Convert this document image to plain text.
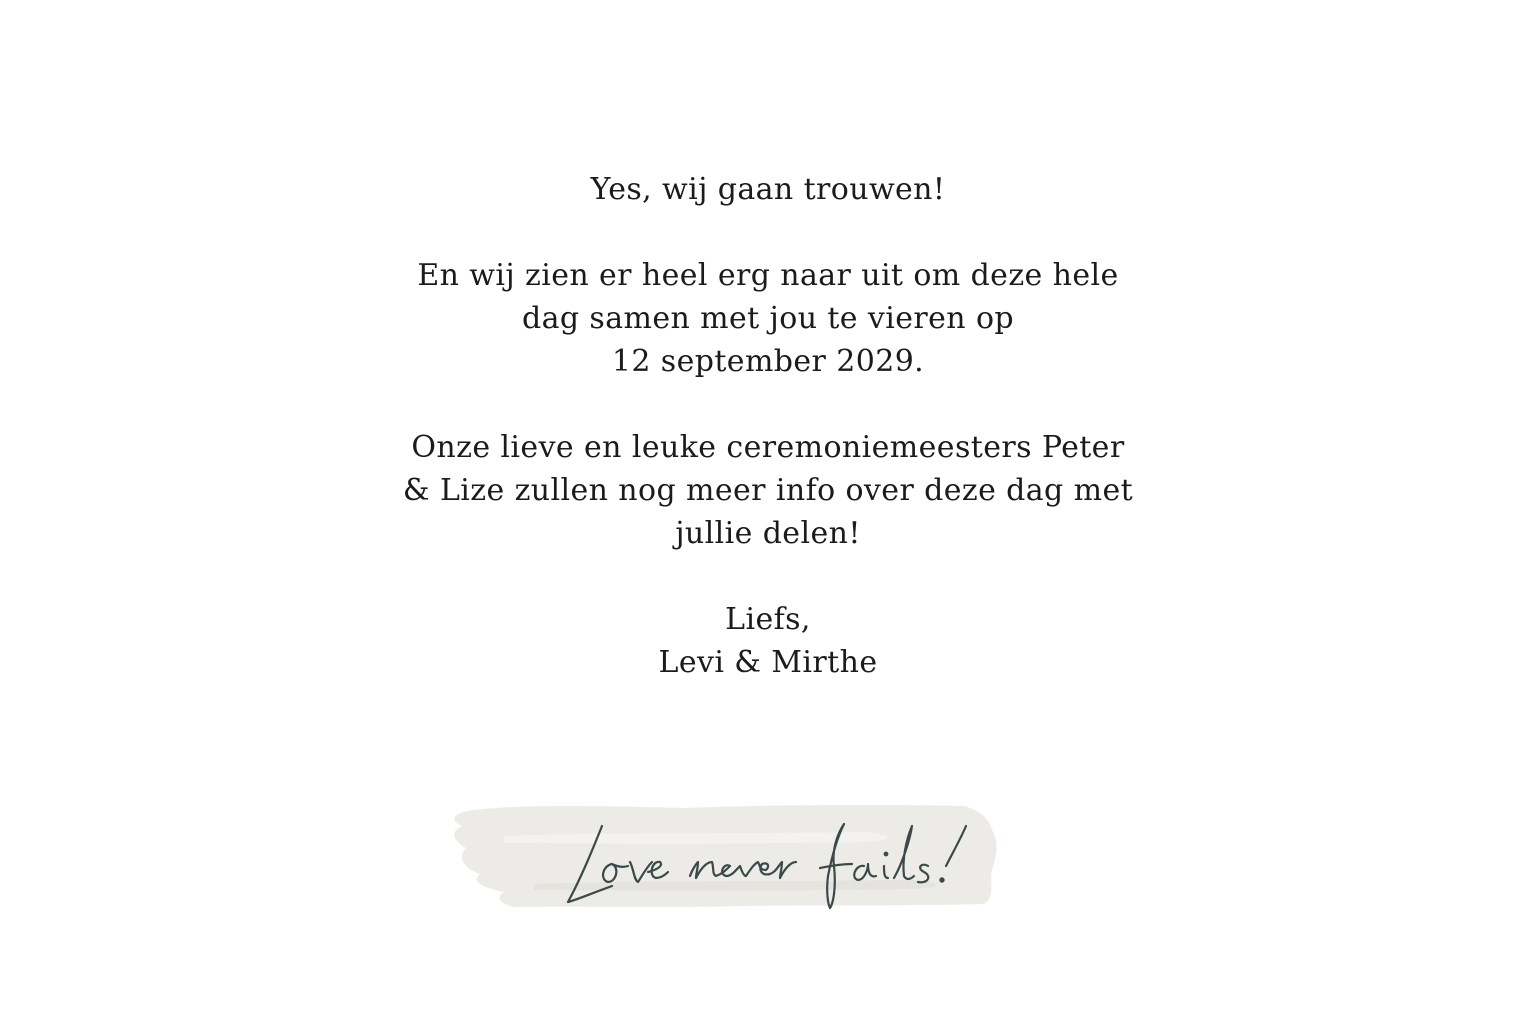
Yes, wij gaan trouwen!
En wij zien er heel erg naar uit om deze hele
dag samen met jou te vieren op
12 september 2029.
Onze lieve en leuke ceremoniemeesters Peter
& Lize zullen nog meer info over deze dag met
jullie delen!
Liefs,
Levi & Mirthe
